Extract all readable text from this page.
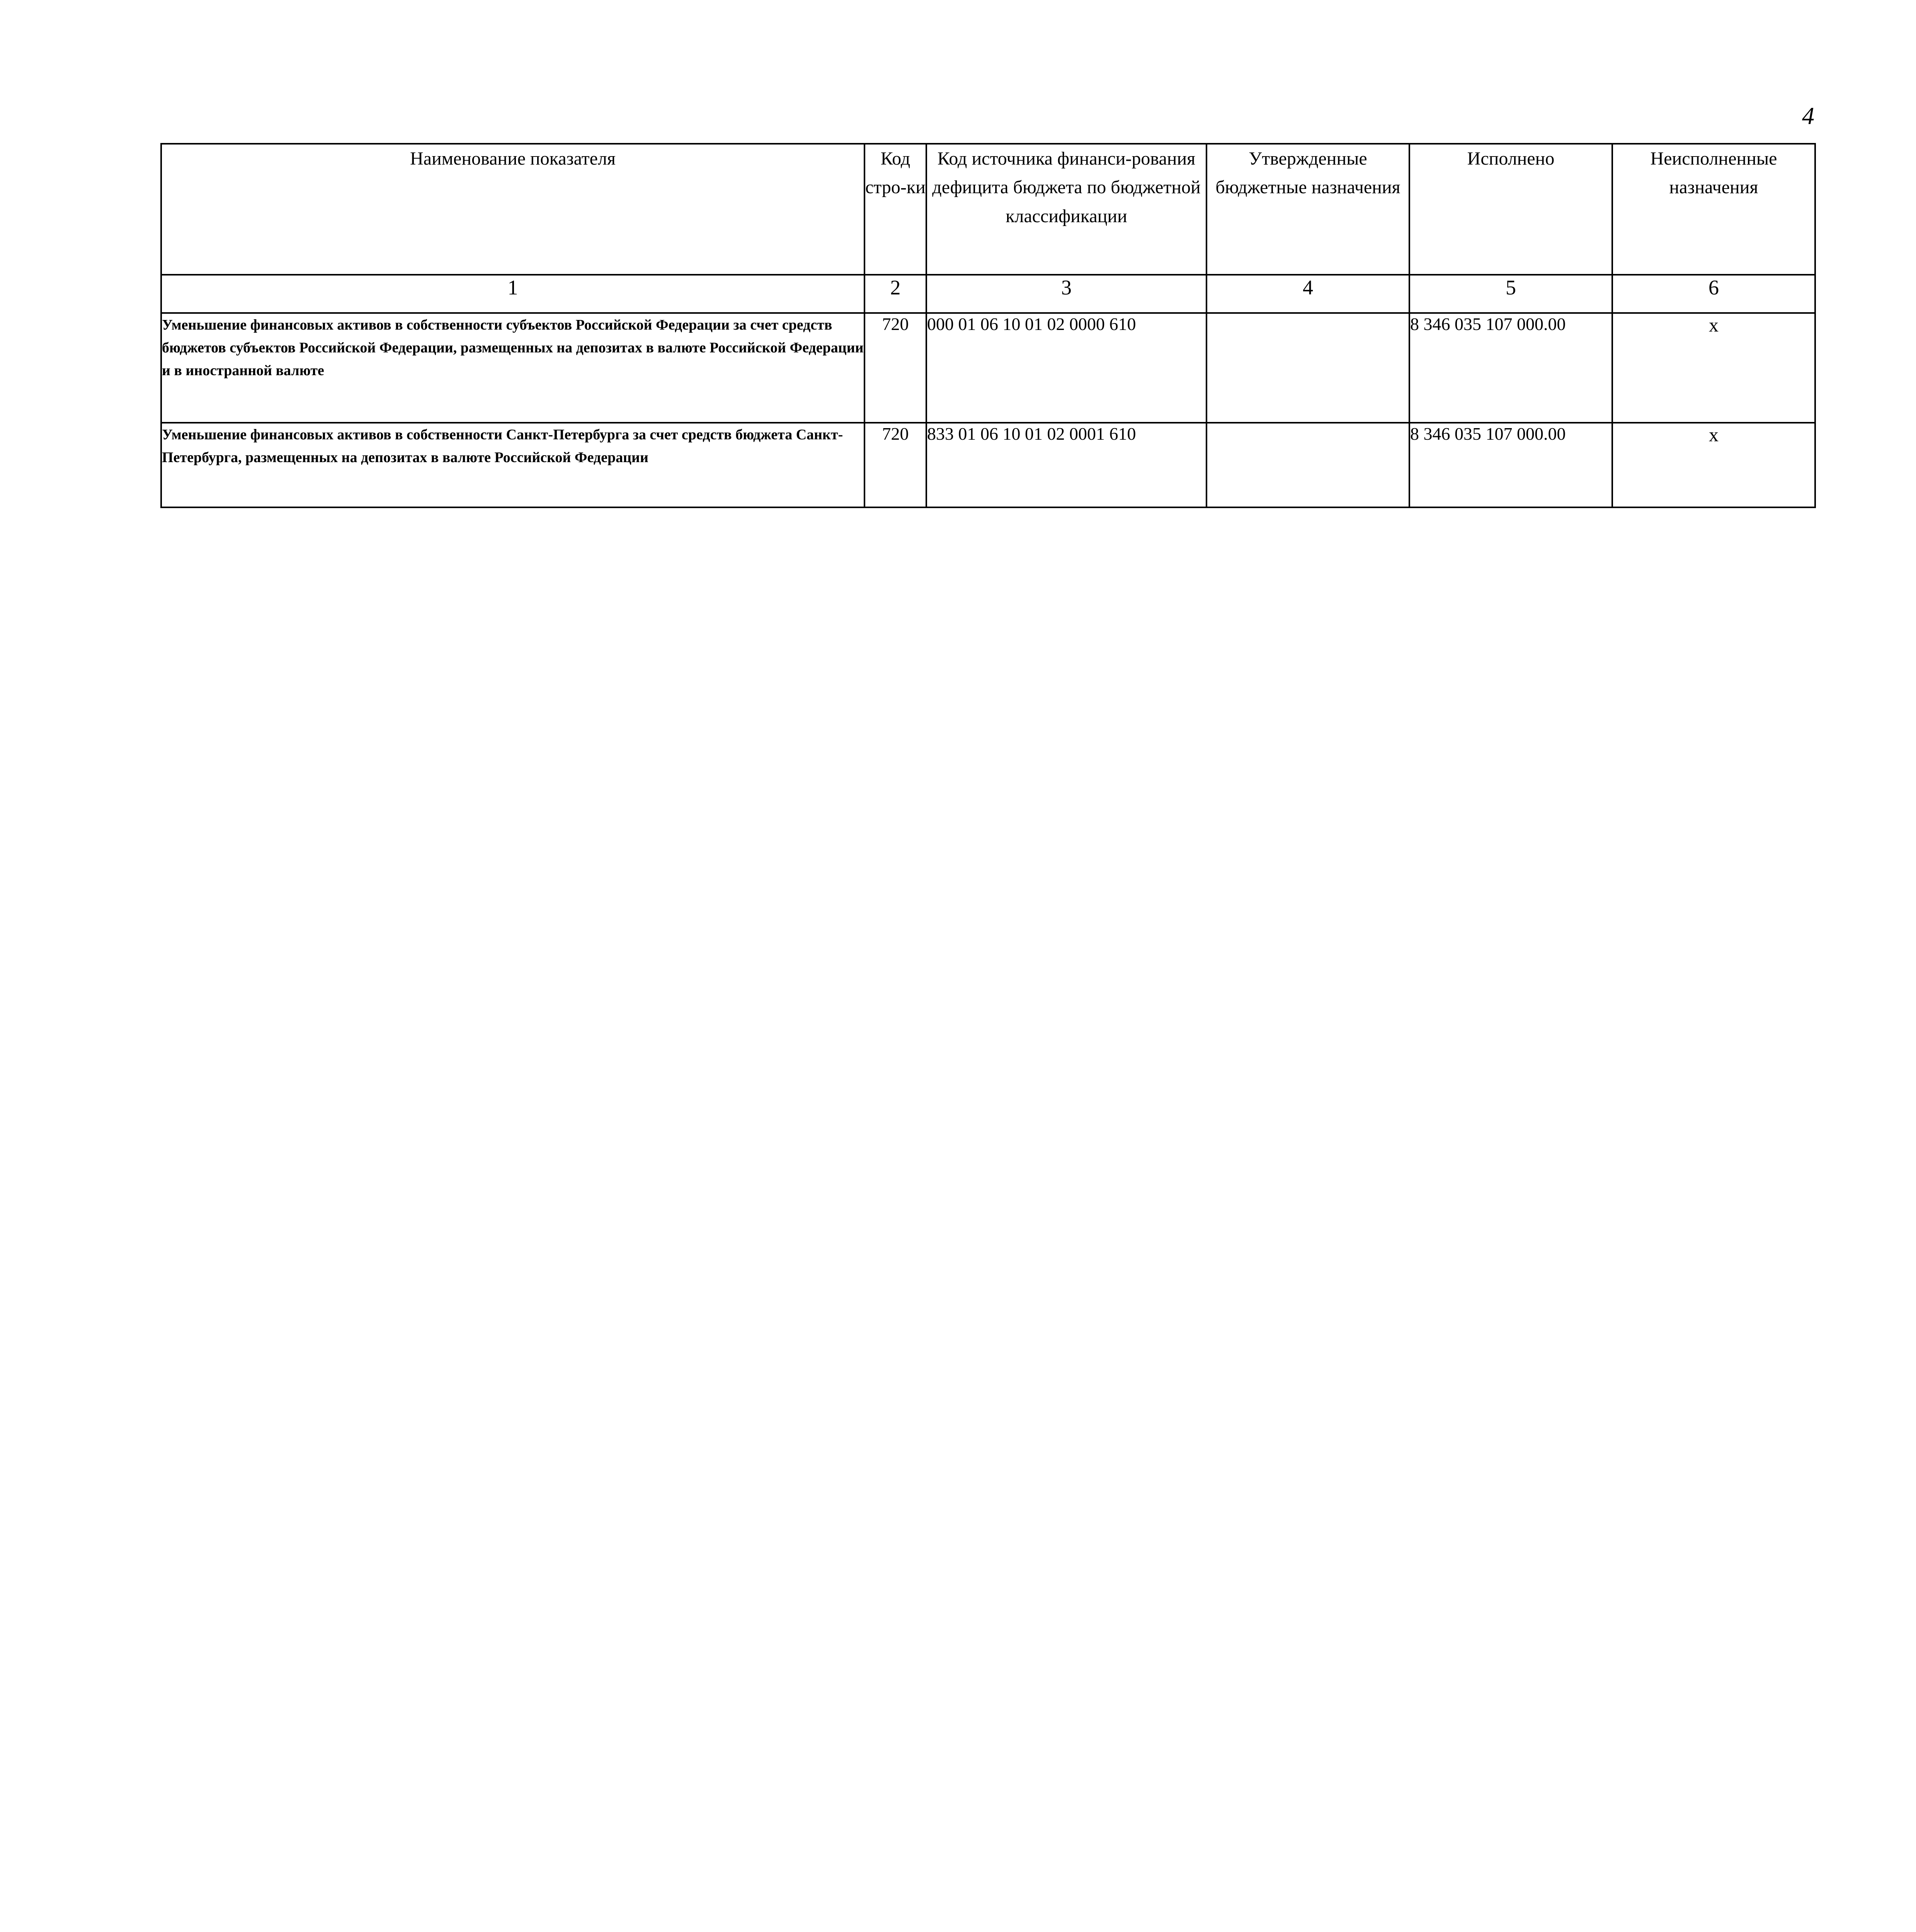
4
Наименование показателя	Код стро-ки	Код источника финанси-рования дефицита бюджета по бюджетной классификации	Утвержденные бюджетные назначения	Исполнено	Неисполненные назначения
1	2	3	4	5	6
Уменьшение финансовых активов в собственности субъектов Российской Федерации за счет средств бюджетов субъектов Российской Федерации, размещенных на депозитах в валюте Российской Федерации и в иностранной валюте	720	000 01 06 10 01 02 0000 610		8 346 035 107 000.00	x
Уменьшение финансовых активов в собственности Санкт-Петербурга за счет средств бюджета Санкт-Петербурга, размещенных на депозитах в валюте Российской Федерации	720	833 01 06 10 01 02 0001 610		8 346 035 107 000.00	x
